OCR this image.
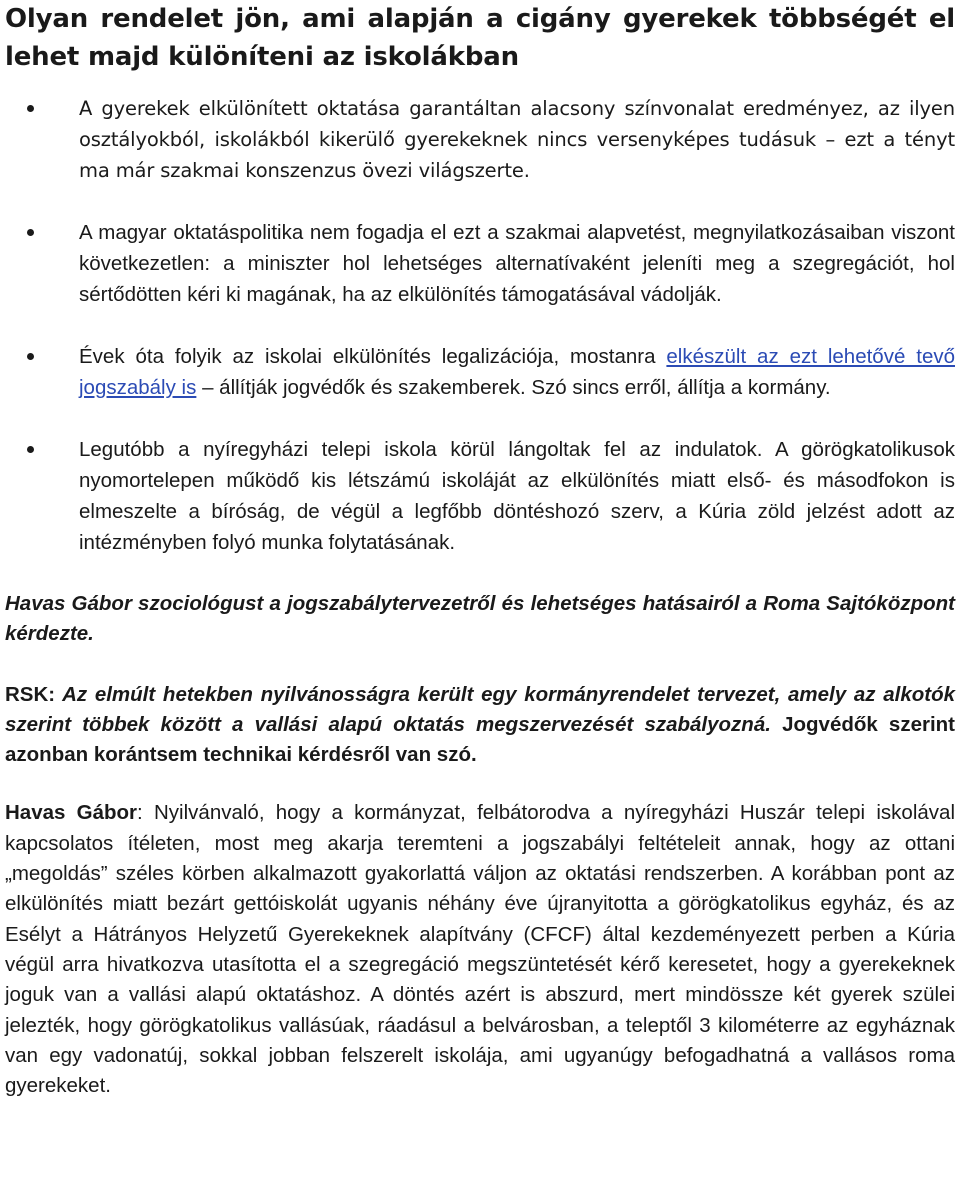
Olyan rendelet jön, ami alapján a cigány gyerekek többségét el lehet majd különíteni az iskolákban
A gyerekek elkülönített oktatása garantáltan alacsony színvonalat eredményez, az ilyen osztályokból, iskolákból kikerülő gyerekeknek nincs versenyképes tudásuk – ezt a tényt ma már szakmai konszenzus övezi világszerte.
A magyar oktatáspolitika nem fogadja el ezt a szakmai alapvetést, megnyilatkozásaiban viszont következetlen: a miniszter hol lehetséges alternatívaként jeleníti meg a szegregációt, hol sértődötten kéri ki magának, ha az elkülönítés támogatásával vádolják.
Évek óta folyik az iskolai elkülönítés legalizációja, mostanra elkészült az ezt lehetővé tevő jogszabály is – állítják jogvédők és szakemberek. Szó sincs erről, állítja a kormány.
Legutóbb a nyíregyházi telepi iskola körül lángoltak fel az indulatok. A görögkatolikusok nyomortelepen működő kis létszámú iskoláját az elkülönítés miatt első- és másodfokon is elmeszelte a bíróság, de végül a legfőbb döntéshozó szerv, a Kúria zöld jelzést adott az intézményben folyó munka folytatásának.

Havas Gábor szociológust a jogszabálytervezetről és lehetséges hatásairól a Roma Sajtóközpont kérdezte.

RSK: Az elmúlt hetekben nyilvánosságra került egy kormányrendelet tervezet, amely az alkotók szerint többek között a vallási alapú oktatás megszervezését szabályozná. Jogvédők szerint azonban korántsem technikai kérdésről van szó.

Havas Gábor: Nyilvánvaló, hogy a kormányzat, felbátorodva a nyíregyházi Huszár telepi iskolával kapcsolatos ítéleten, most meg akarja teremteni a jogszabályi feltételeit annak, hogy az ottani „megoldás” széles körben alkalmazott gyakorlattá váljon az oktatási rendszerben. A korábban pont az elkülönítés miatt bezárt gettóiskolát ugyanis néhány éve újranyitotta a görögkatolikus egyház, és az Esélyt a Hátrányos Helyzetű Gyerekeknek alapítvány (CFCF) által kezdeményezett perben a Kúria végül arra hivatkozva utasította el a szegregáció megszüntetését kérő keresetet, hogy a gyerekeknek joguk van a vallási alapú oktatáshoz. A döntés azért is abszurd, mert mindössze két gyerek szülei jelezték, hogy görögkatolikus vallásúak, ráadásul a belvárosban, a teleptől 3 kilométerre az egyháznak van egy vadonatúj, sokkal jobban felszerelt iskolája, ami ugyanúgy befogadhatná a vallásos roma gyerekeket.
